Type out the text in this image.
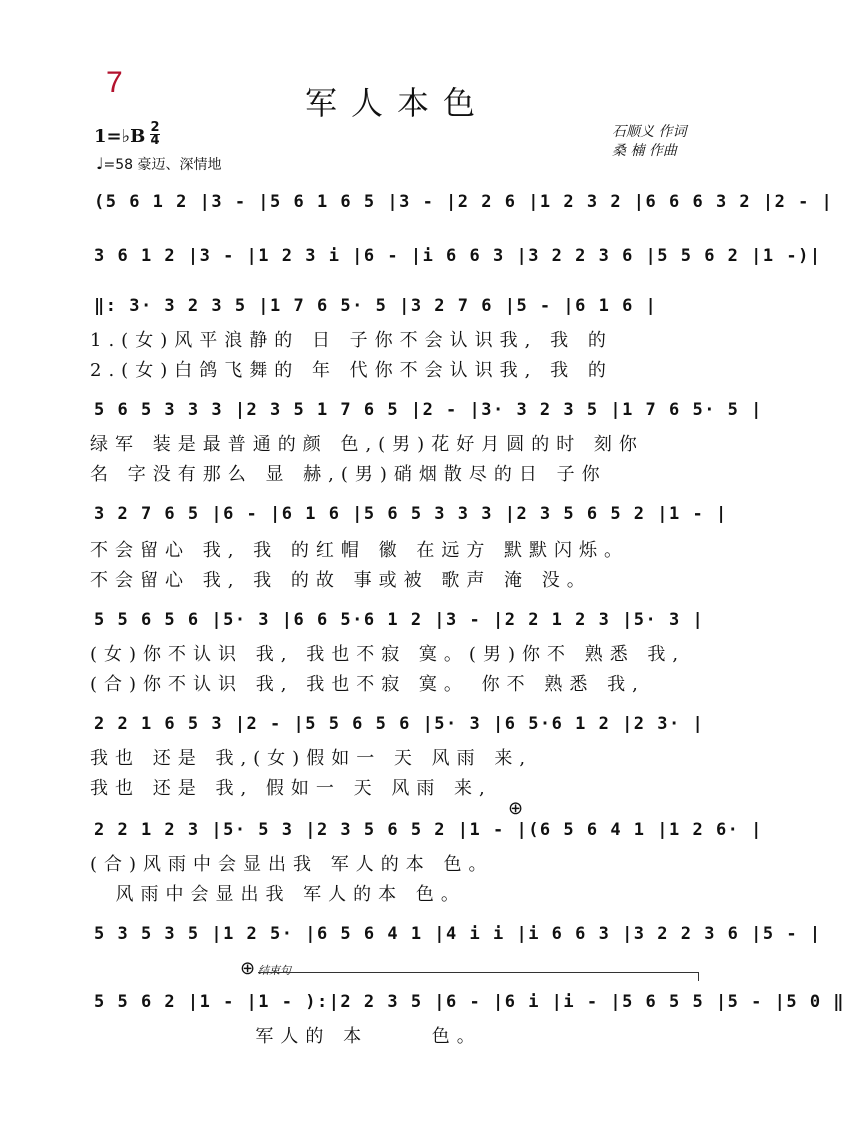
7
军人本色
1=♭B 2
4
♩=58 豪迈、深情地
石顺义 作词
桑 楠 作曲
(5 6 1 2 |3 - |5 6 1 6 5 |3 - |2 2 6 |1 2 3 2 |6 6 6 3 2 |2 - |
3 6 1 2 |3 - |1 2 3 i |6 - |i 6 6 3 |3 2 2 3 6 |5 5 6 2 |1 -)|
‖: 3· 3 2 3 5 |1 7 6 5· 5 |3 2 7 6 |5 - |6 1 6 |
1.(女)风平浪静的 日 子你不会认识我, 我 的
2.(女)白鸽飞舞的 年 代你不会认识我, 我 的
5 6 5 3 3 3 |2 3 5 1 7 6 5 |2 - |3· 3 2 3 5 |1 7 6 5· 5 |
绿军 装是最普通的颜 色,(男)花好月圆的时 刻你
名 字没有那么 显 赫,(男)硝烟散尽的日 子你
3 2 7 6 5 |6 - |6 1 6 |5 6 5 3 3 3 |2 3 5 6 5 2 |1 - |
不会留心 我, 我 的红帽 徽 在远方 默默闪烁。
不会留心 我, 我 的故 事或被 歌声 淹 没。
5 5 6 5 6 |5· 3 |6 6 5·6 1 2 |3 - |2 2 1 2 3 |5· 3 |
(女)你不认识 我, 我也不寂 寞。(男)你不 熟悉 我,
(合)你不认识 我, 我也不寂 寞。 你不 熟悉 我,
2 2 1 6 5 3 |2 - |5 5 6 5 6 |5· 3 |6 5·6 1 2 |2 3· |
我也 还是 我,(女)假如一 天 风雨 来,
我也 还是 我, 假如一 天 风雨 来,
⊕
2 2 1 2 3 |5· 5 3 |2 3 5 6 5 2 |1 - |(6 5 6 4 1 |1 2 6· |
(合)风雨中会显出我 军人的本 色。
风雨中会显出我 军人的本 色。
5 3 5 3 5 |1 2 5· |6 5 6 4 1 |4 i i |i 6 6 3 |3 2 2 3 6 |5 - |
⊕ 结束句
5 5 6 2 |1 - |1 - ):|2 2 3 5 |6 - |6 i |i - |5 6 5 5 |5 - |5 0 ‖
军人的 本     色。
